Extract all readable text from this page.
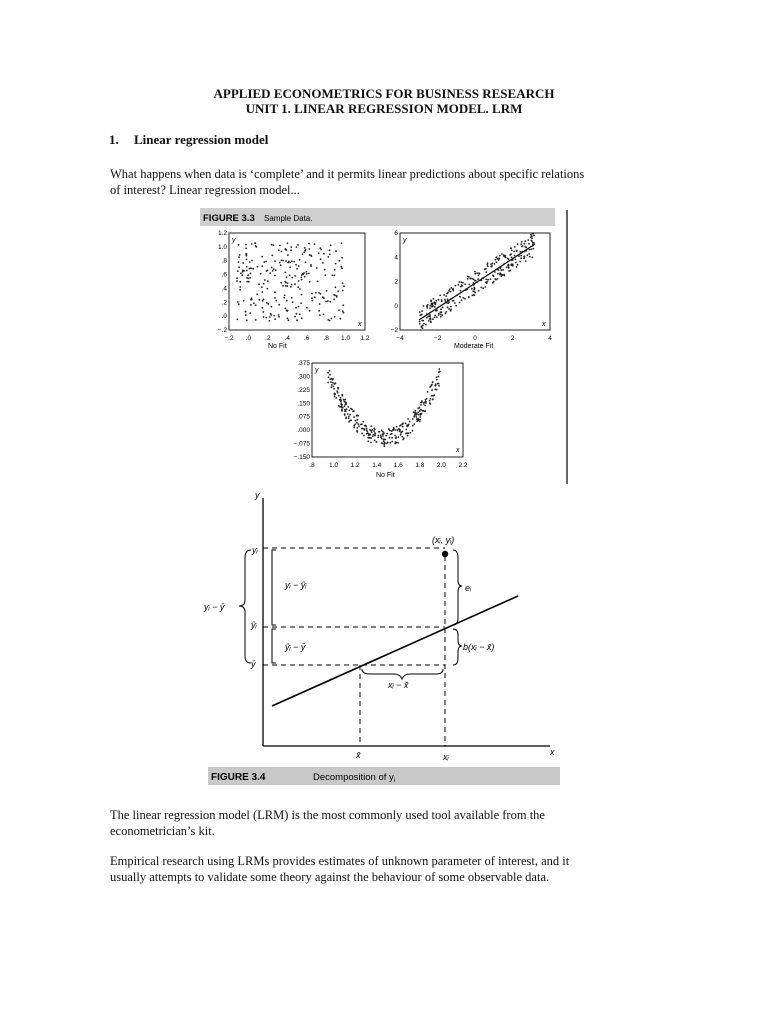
APPLIED ECONOMETRICS FOR BUSINESS RESEARCH
UNIT 1. LINEAR REGRESSION MODEL. LRM
1. Linear regression model
What happens when data is ‘complete’ and it permits linear predictions about specific relations
of interest? Linear regression model...
FIGURE 3.3 Sample Data.
y
x
1.2
1.0
.8
.6
.4
.2
.0
−.2
−.2 .0 .2 .4 .6 .8 1.0 1.2
No Fit
y
x
6
4
2
0
−2
−4	−2	0	2	4
Moderate Fit
y
x
.375
.300
.225
.150
.075
.000
−.075
−.150
.8 1.0 1.2 1.4 1.6 1.8 2.0 2.2
No Fit
y
x
(xᵢ, yᵢ)
yᵢ
ŷᵢ
ȳ
yᵢ − ŷᵢ
ŷᵢ − ȳ
yᵢ − ȳ
eᵢ
b(xᵢ − x̄)
xᵢ − x̄
x̄	xᵢ
FIGURE 3.4	Decomposition of $y_i$
The linear regression model (LRM) is the most commonly used tool available from the
econometrician’s kit.
Empirical research using LRMs provides estimates of unknown parameter of interest, and it
usually attempts to validate some theory against the behaviour of some observable data.
